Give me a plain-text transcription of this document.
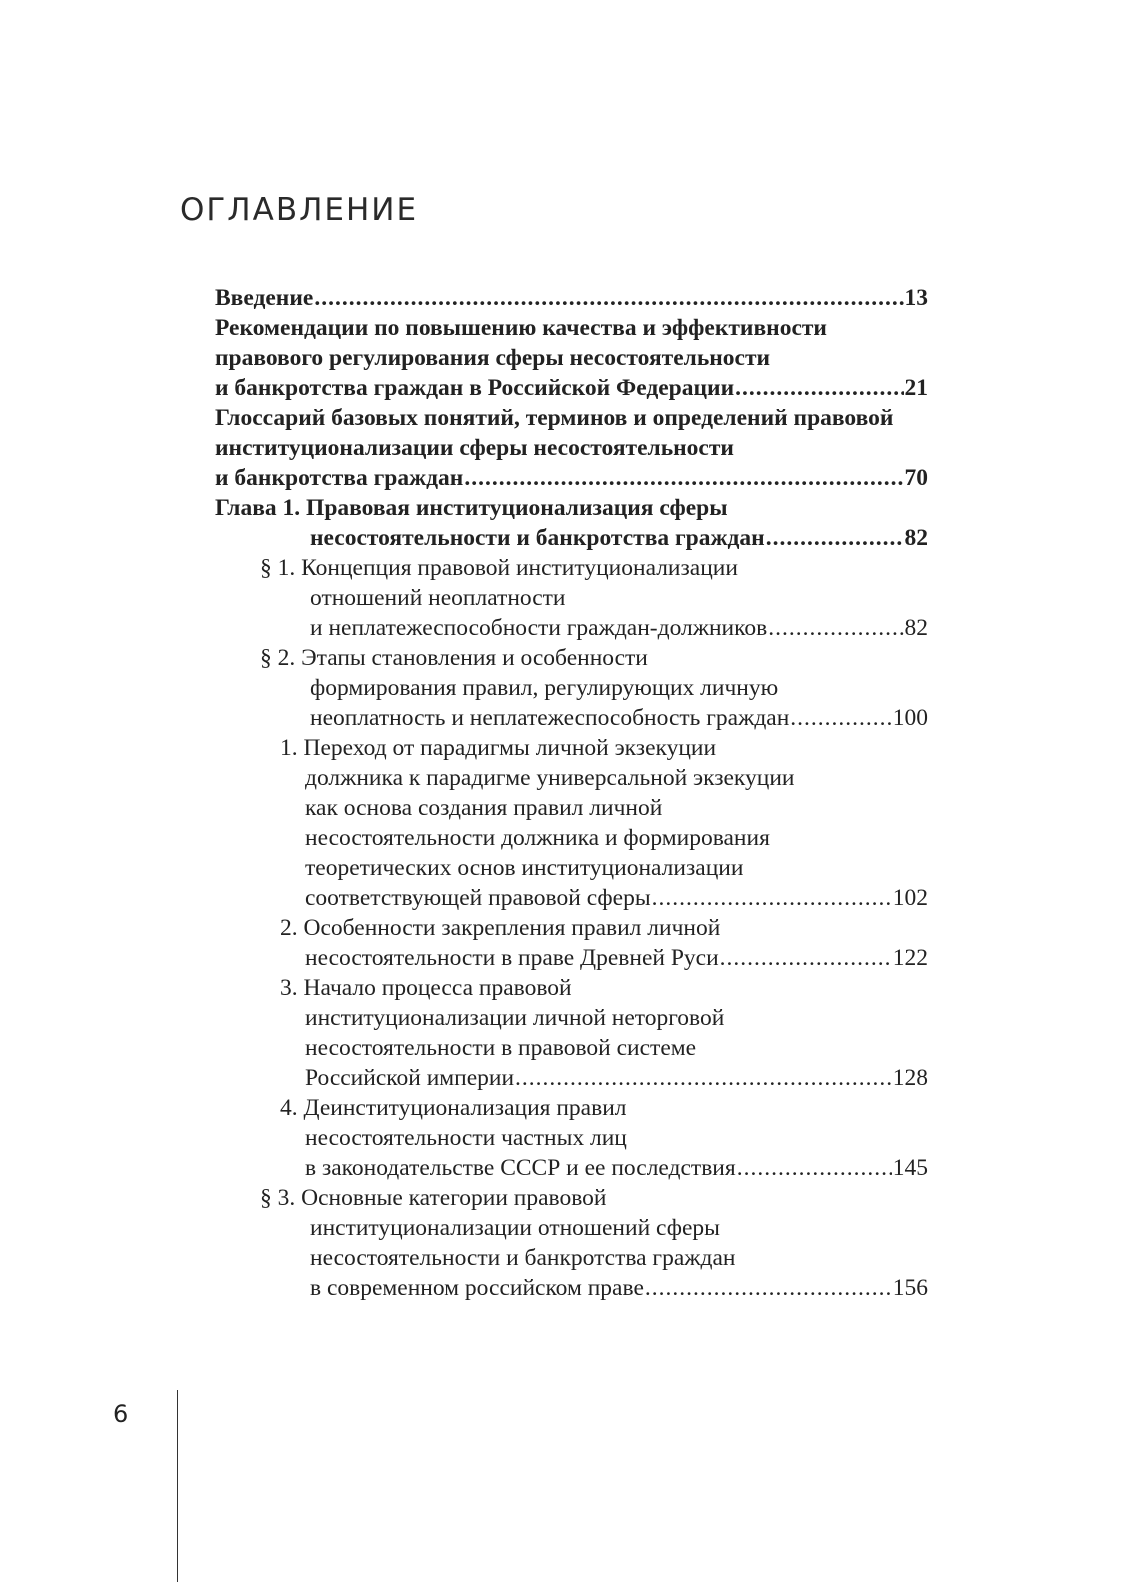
ОГЛАВЛЕНИЕ
Введение .....	13
Рекомендации по повышению качества и эффективности
правового регулирования сферы несостоятельности
и банкротства граждан в Российской Федерации .....	21
Глоссарий базовых понятий, терминов и определений правовой
институционализации сферы несостоятельности
и банкротства граждан .....	70
Глава 1. Правовая институционализация сферы
несостоятельности и банкротства граждан .....	82
§ 1. Концепция правовой институционализации
отношений неоплатности
и неплатежеспособности граждан-должников .....	82
§ 2. Этапы становления и особенности
формирования правил, регулирующих личную
неоплатность и неплатежеспособность граждан .....	100
1. Переход от парадигмы личной экзекуции
должника к парадигме универсальной экзекуции
как основа создания правил личной
несостоятельности должника и формирования
теоретических основ институционализации
соответствующей правовой сферы .....	102
2. Особенности закрепления правил личной
несостоятельности в праве Древней Руси .....	122
3. Начало процесса правовой
институционализации личной неторговой
несостоятельности в правовой системе
Российской империи .....	128
4. Деинституционализация правил
несостоятельности частных лиц
в законодательстве СССР и ее последствия .....	145
§ 3. Основные категории правовой
институционализации отношений сферы
несостоятельности и банкротства граждан
в современном российском праве .....	156
6
